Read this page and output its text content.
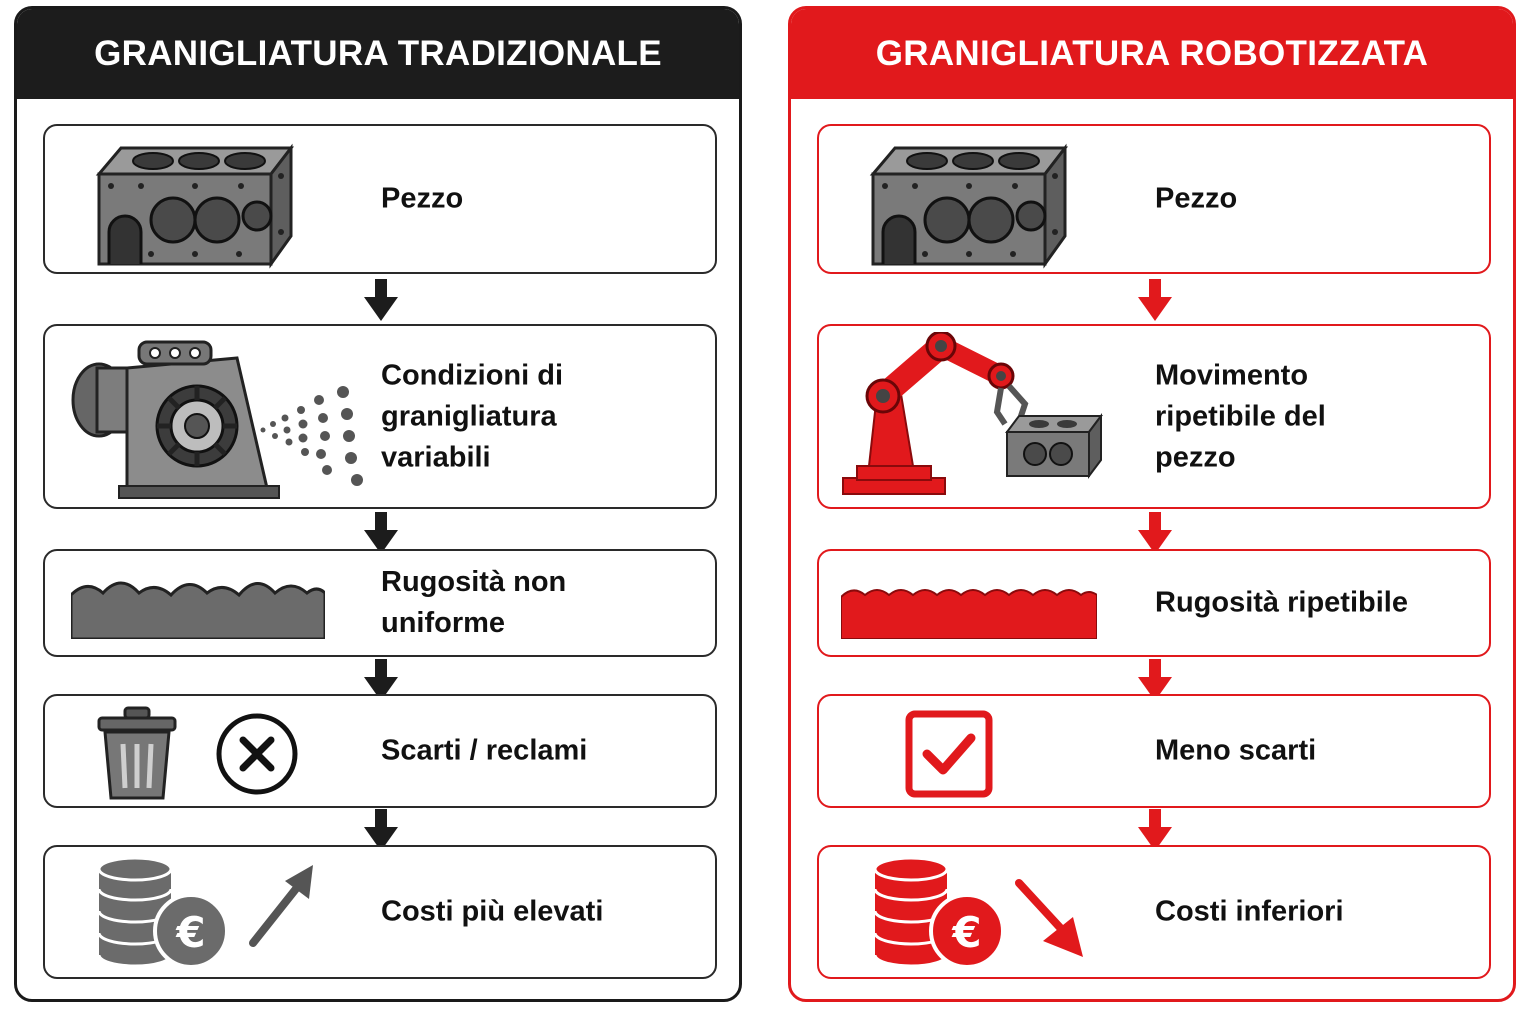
GRANIGLIATURA TRADIZIONALE
Pezzo
Condizioni di
granigliatura
variabili
Rugosità non
uniforme
Scarti / reclami
Costi più elevati
GRANIGLIATURA ROBOTIZZATA
Pezzo
Movimento
ripetibile del
pezzo
Rugosità ripetibile
Meno scarti
Costi inferiori
